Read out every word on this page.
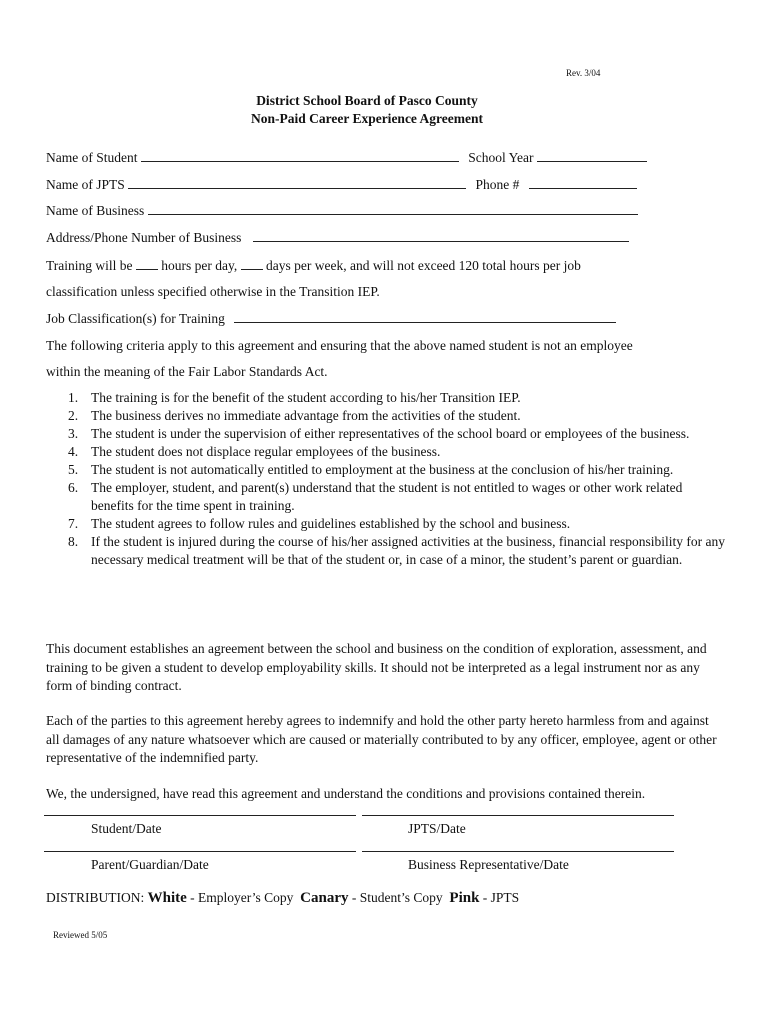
Rev. 3/04
District School Board of Pasco County
Non-Paid Career Experience Agreement
Name of Student	School Year
Name of JPTS	Phone #
Name of Business
Address/Phone Number of Business
Training will be hours per day, days per week, and will not exceed 120 total hours per job
classification unless specified otherwise in the Transition IEP.
Job Classification(s) for Training
The following criteria apply to this agreement and ensuring that the above named student is not an employee
within the meaning of the Fair Labor Standards Act.
1. The training is for the benefit of the student according to his/her Transition IEP.
2. The business derives no immediate advantage from the activities of the student.
3. The student is under the supervision of either representatives of the school board or employees of the business.
4. The student does not displace regular employees of the business.
5. The student is not automatically entitled to employment at the business at the conclusion of his/her training.
6. The employer, student, and parent(s) understand that the student is not entitled to wages or other work related benefits for the time spent in training.
7. The student agrees to follow rules and guidelines established by the school and business.
8. If the student is injured during the course of his/her assigned activities at the business, financial responsibility for any necessary medical treatment will be that of the student or, in case of a minor, the student’s parent or guardian.
This document establishes an agreement between the school and business on the condition of exploration, assessment, and training to be given a student to develop employability skills. It should not be interpreted as a legal instrument nor as any form of binding contract.
Each of the parties to this agreement hereby agrees to indemnify and hold the other party hereto harmless from and against all damages of any nature whatsoever which are caused or materially contributed to by any officer, employee, agent or other representative of the indemnified party.
We, the undersigned, have read this agreement and understand the conditions and provisions contained therein.
Student/Date	JPTS/Date
Parent/Guardian/Date	Business Representative/Date
DISTRIBUTION: White - Employer’s Copy Canary - Student’s Copy Pink - JPTS
Reviewed 5/05
